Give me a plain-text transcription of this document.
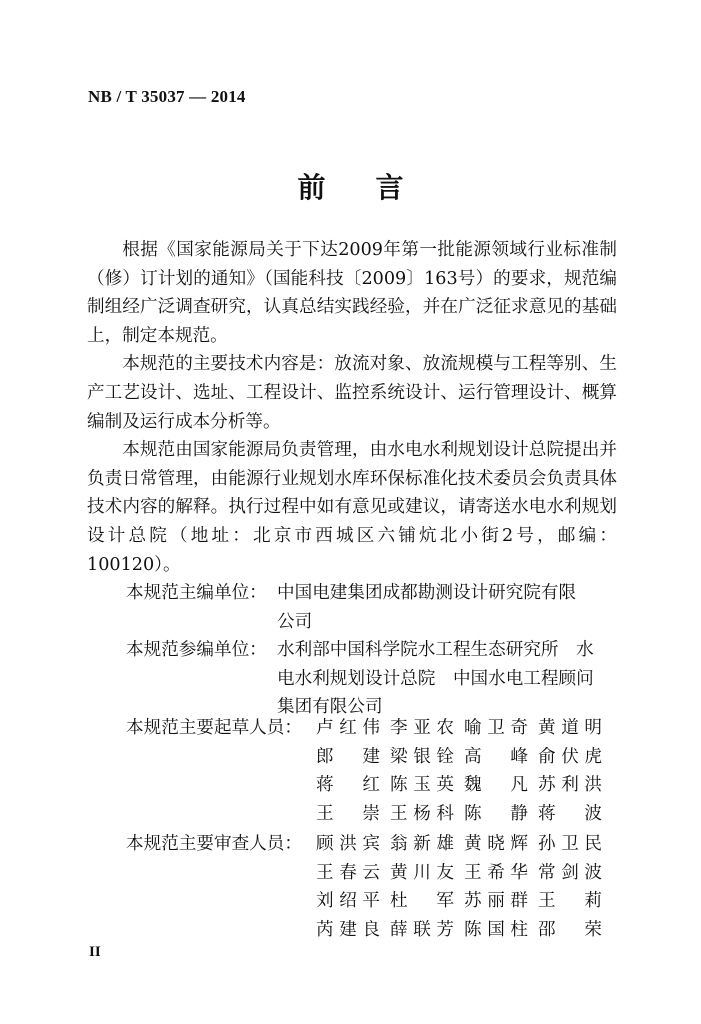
NB / T 35037 — 2014
前言

根据《国家能源局关于下达2009年第一批能源领域行业标准制（修）订计划的通知》（国能科技〔2009〕163号）的要求，规范编制组经广泛调查研究，认真总结实践经验，并在广泛征求意见的基础上，制定本规范。

本规范的主要技术内容是：放流对象、放流规模与工程等别、生产工艺设计、选址、工程设计、监控系统设计、运行管理设计、概算编制及运行成本分析等。

本规范由国家能源局负责管理，由水电水利规划设计总院提出并负责日常管理，由能源行业规划水库环保标准化技术委员会负责具体技术内容的解释。执行过程中如有意见或建议，请寄送水电水利规划设计总院（地址：北京市西城区六铺炕北小街2号，邮编：100120）。

本规范主编单位： 中国电建集团成都勘测设计研究院有限
公司
本规范参编单位： 水利部中国科学院水工程生态研究所　水
电水利规划设计总院　中国水电工程顾问
集团有限公司
本规范主要起草人员： 卢红伟 李亚农 喻卫奇 黄道明
郎建 梁银铨 高峰 俞伏虎
蒋红 陈玉英 魏凡 苏利洪
王崇 王杨科 陈静 蒋波
本规范主要审查人员： 顾洪宾 翁新雄 黄晓辉 孙卫民
王春云 黄川友 王希华 常剑波
刘绍平 杜军 苏丽群 王莉
芮建良 薛联芳 陈国柱 邵荣
II
